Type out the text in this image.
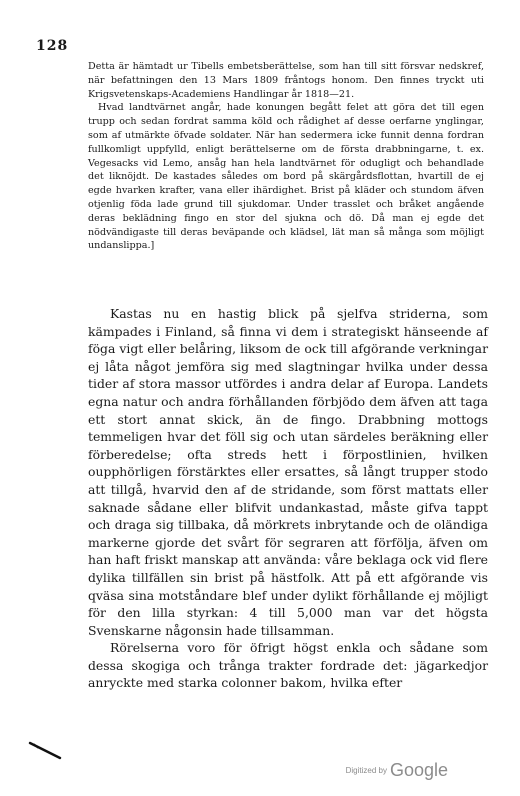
128

Detta är hämtadt ur Tibells embetsberättelse, som han till sitt försvar nedskref, när befattningen den 13 Mars 1809 fråntogs honom. Den finnes tryckt uti Krigsvetenskaps-Academiens Handlingar år 1818—21.

Hvad landtvärnet angår, hade konungen begått felet att göra det till egen trupp och sedan fordrat samma köld och rådighet af desse oerfarne ynglingar, som af utmärkte öfvade soldater. När han sedermera icke funnit denna fordran fullkomligt uppfylld, enligt berättelserne om de första drabbningarne, t. ex. Vegesacks vid Lemo, ansåg han hela landtvärnet för odugligt och behandlade det liknöjdt. De kastades således om bord på skärgårdsflottan, hvartill de ej egde hvarken krafter, vana eller ihärdighet. Brist på kläder och stundom äfven otjenlig föda lade grund till sjukdomar. Under trasslet och bråket angående deras beklädning fingo en stor del sjukna och dö. Då man ej egde det nödvändigaste till deras beväpande och klädsel, lät man så många som möjligt undanslippa.]

Kastas nu en hastig blick på sjelfva striderna, som kämpades i Finland, så finna vi dem i strategiskt hänseende af föga vigt eller belåring, liksom de ock till afgörande verkningar ej låta något jemföra sig med slagtningar hvilka under dessa tider af stora massor utfördes i andra delar af Europa. Landets egna natur och andra förhållanden förbjödo dem äfven att taga ett stort annat skick, än de fingo. Drabbning mottogs temmeligen hvar det föll sig och utan särdeles beräkning eller förberedelse; ofta streds hett i förpostlinien, hvilken oupphörligen förstärktes eller ersattes, så långt trupper stodo att tillgå, hvarvid den af de stridande, som först mattats eller saknade sådane eller blifvit undankastad, måste gifva tappt och draga sig tillbaka, då mörkrets inbrytande och de oländiga markerne gjorde det svårt för segraren att förfölja, äfven om han haft friskt manskap att använda: våre beklaga ock vid flere dylika tillfällen sin brist på hästfolk. Att på ett afgörande vis qväsa sina motståndare blef under dylikt förhållande ej möjligt för den lilla styrkan: 4 till 5,000 man var det högsta Svenskarne någonsin hade tillsamman.

Rörelserna voro för öfrigt högst enkla och sådane som dessa skogiga och trånga trakter fordrade det: jägarkedjor anryckte med starka colonner bakom, hvilka efter

Digitized by Google
